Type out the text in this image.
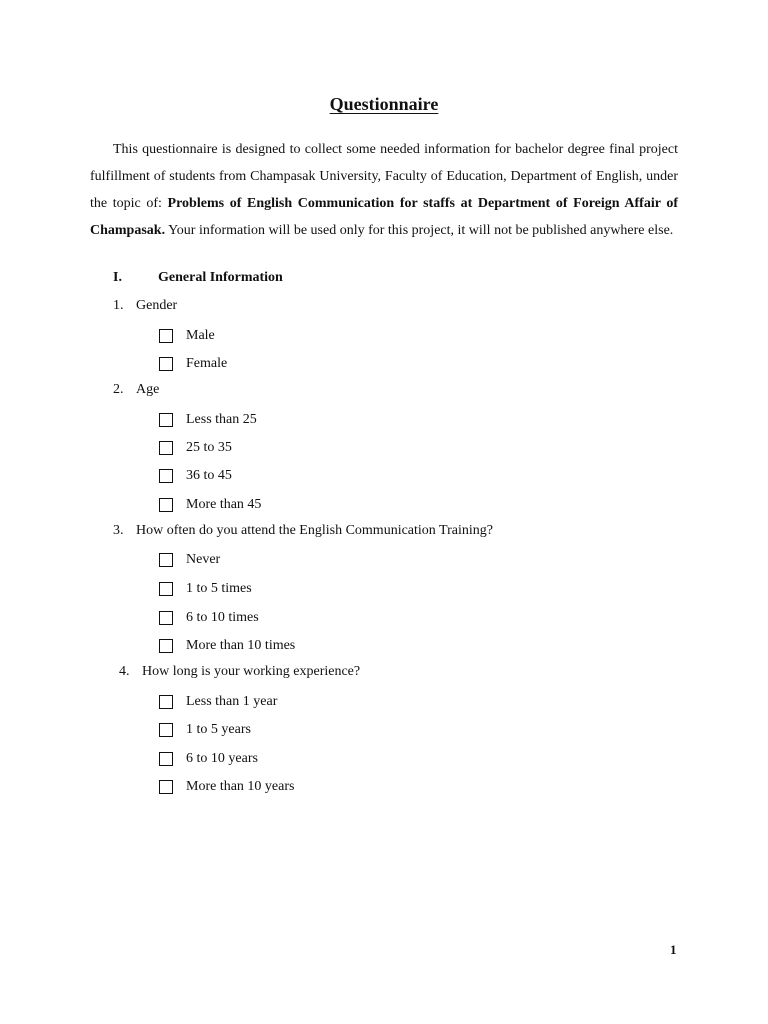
Questionnaire

This questionnaire is designed to collect some needed information for bachelor degree final project fulfillment of students from Champasak University, Faculty of Education, Department of English, under the topic of: Problems of English Communication for staffs at Department of Foreign Affair of Champasak. Your information will be used only for this project, it will not be published anywhere else.

I.	General Information
1. Gender
Male
Female
2. Age
Less than 25
25 to 35
36 to 45
More than 45
3. How often do you attend the English Communication Training?
Never
1 to 5 times
6 to 10 times
More than 10 times
4. How long is your working experience?
Less than 1 year
1 to 5 years
6 to 10 years
More than 10 years
1
